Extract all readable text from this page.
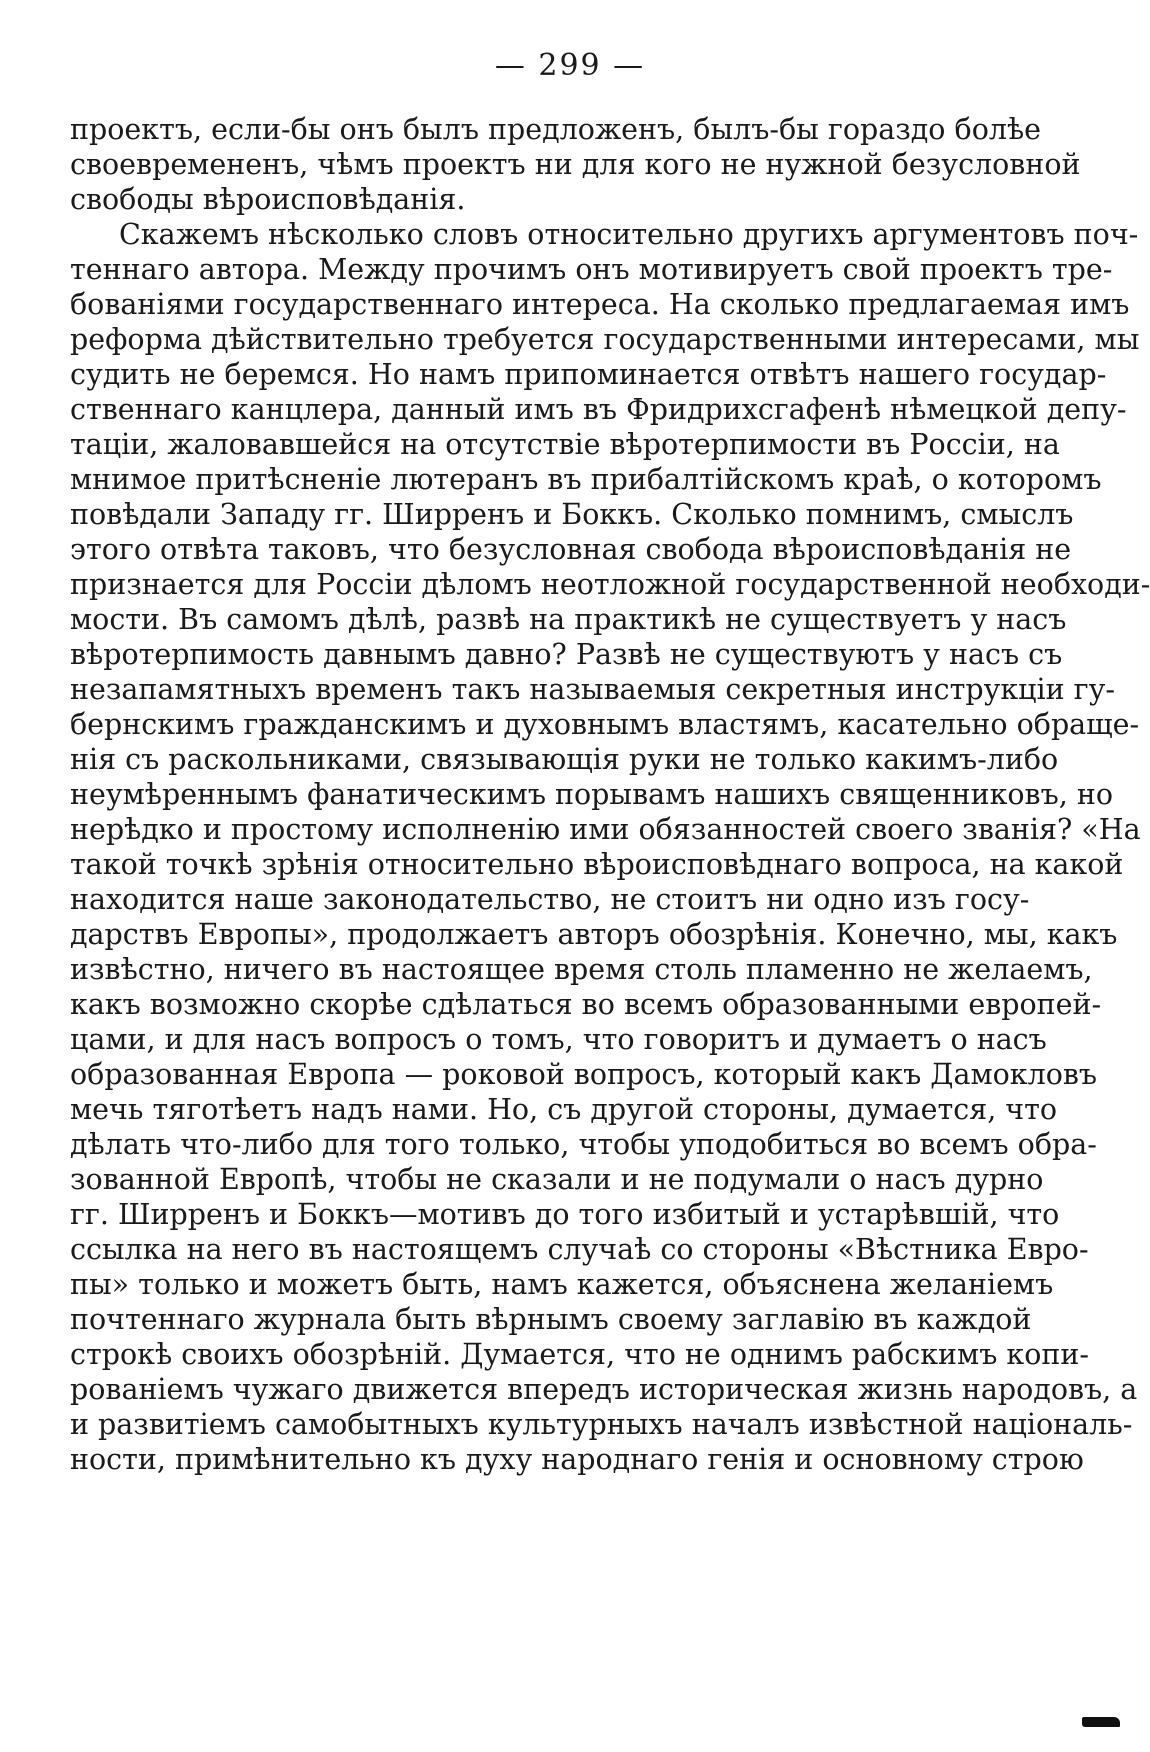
— 299 —
проектъ, если-бы онъ былъ предложенъ, былъ-бы гораздо болѣе
своевремененъ, чѣмъ проектъ ни для кого не нужной безусловной
свободы вѣроисповѣданія.
Скажемъ нѣсколько словъ относительно другихъ аргументовъ поч-
теннаго автора. Между прочимъ онъ мотивируетъ свой проектъ тре-
бованіями государственнаго интереса. На сколько предлагаемая имъ
реформа дѣйствительно требуется государственными интересами, мы
судить не беремся. Но намъ припоминается отвѣтъ нашего государ-
ственнаго канцлера, данный имъ въ Фридрихсгафенѣ нѣмецкой депу-
таціи, жаловавшейся на отсутствіе вѣротерпимости въ Россіи, на
мнимое притѣсненіе лютеранъ въ прибалтійскомъ краѣ, о которомъ
повѣдали Западу гг. Ширренъ и Боккъ. Сколько помнимъ, смыслъ
этого отвѣта таковъ, что безусловная свобода вѣроисповѣданія не
признается для Россіи дѣломъ неотложной государственной необходи-
мости. Въ самомъ дѣлѣ, развѣ на практикѣ не существуетъ у насъ
вѣротерпимость давнымъ давно? Развѣ не существуютъ у насъ съ
незапамятныхъ временъ такъ называемыя секретныя инструкціи гу-
бернскимъ гражданскимъ и духовнымъ властямъ, касательно обраще-
нія съ раскольниками, связывающія руки не только какимъ-либо
неумѣреннымъ фанатическимъ порывамъ нашихъ священниковъ, но
нерѣдко и простому исполненію ими обязанностей своего званія? «На
такой точкѣ зрѣнія относительно вѣроисповѣднаго вопроса, на какой
находится наше законодательство, не стоитъ ни одно изъ госу-
дарствъ Европы», продолжаетъ авторъ обозрѣнія. Конечно, мы, какъ
извѣстно, ничего въ настоящее время столь пламенно не желаемъ,
какъ возможно скорѣе сдѣлаться во всемъ образованными европей-
цами, и для насъ вопросъ о томъ, что говоритъ и думаетъ о насъ
образованная Европа — роковой вопросъ, который какъ Дамокловъ
мечь тяготѣетъ надъ нами. Но, съ другой стороны, думается, что
дѣлать что-либо для того только, чтобы уподобиться во всемъ обра-
зованной Европѣ, чтобы не сказали и не подумали о насъ дурно
гг. Ширренъ и Боккъ—мотивъ до того избитый и устарѣвшій, что
ссылка на него въ настоящемъ случаѣ со стороны «Вѣстника Евро-
пы» только и можетъ быть, намъ кажется, объяснена желаніемъ
почтеннаго журнала быть вѣрнымъ своему заглавію въ каждой
строкѣ своихъ обозрѣній. Думается, что не однимъ рабскимъ копи-
рованіемъ чужаго движется впередъ историческая жизнь народовъ, а
и развитіемъ самобытныхъ культурныхъ началъ извѣстной національ-
ности, примѣнительно къ духу народнаго генія и основному строю
